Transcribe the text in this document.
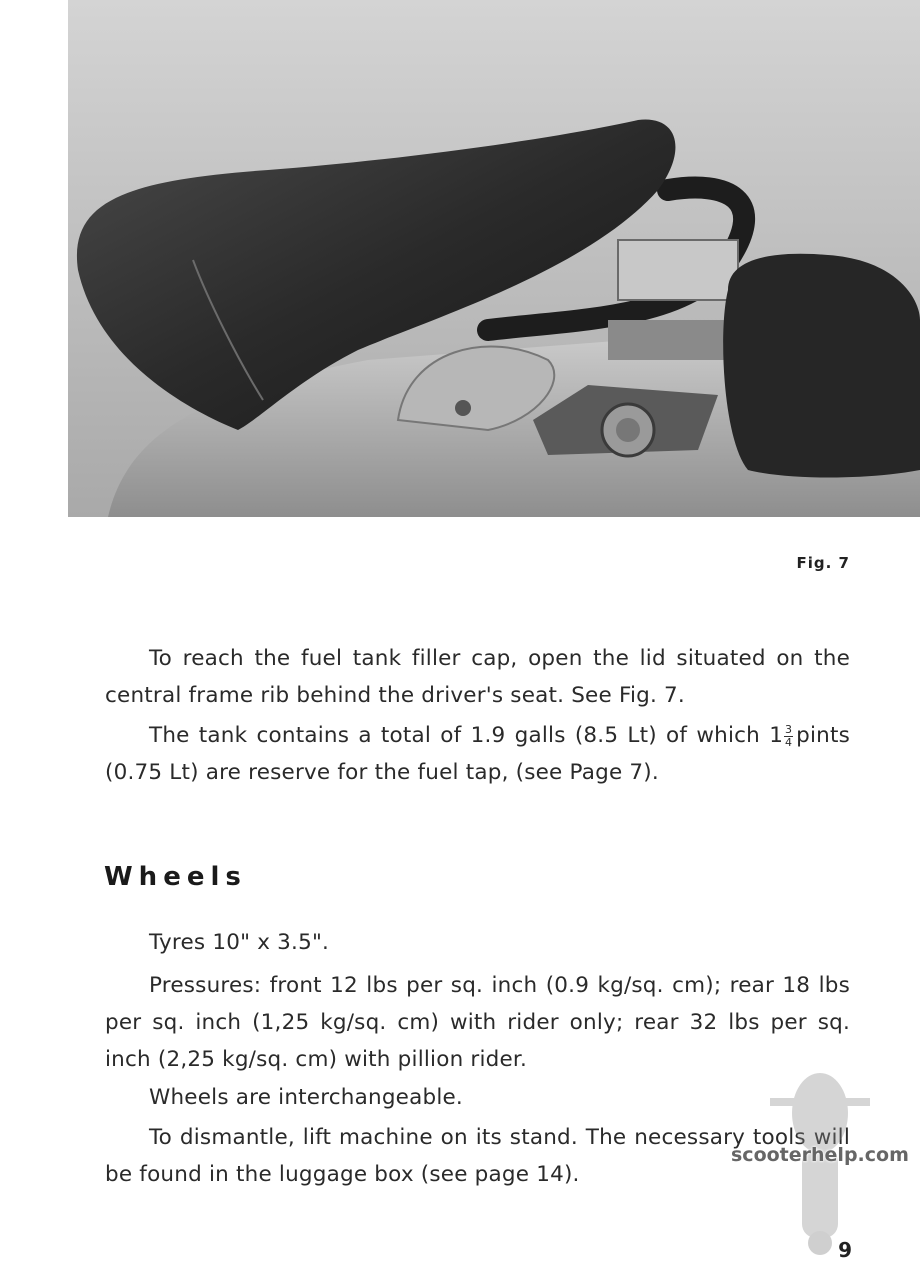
Fig. 7

To reach the fuel tank filler cap, open the lid situated on the central frame rib behind the driver's seat. See Fig. 7.

The tank contains a total of 1.9 galls (8.5 Lt) of which $1 \frac{3}{4}$ pints (0.75 Lt) are reserve for the fuel tap, (see Page 7).

Wheels

Tyres 10" x 3.5".

Pressures: front 12 lbs per sq. inch (0.9 kg/sq. cm); rear 18 lbs per sq. inch (1,25 kg/sq. cm) with rider only; rear 32 lbs per sq. inch (2,25 kg/sq. cm) with pillion rider.

Wheels are interchangeable.

To dismantle, lift machine on its stand. The necessary tools will be found in the luggage box (see page 14).

scooterhelp.com
9
